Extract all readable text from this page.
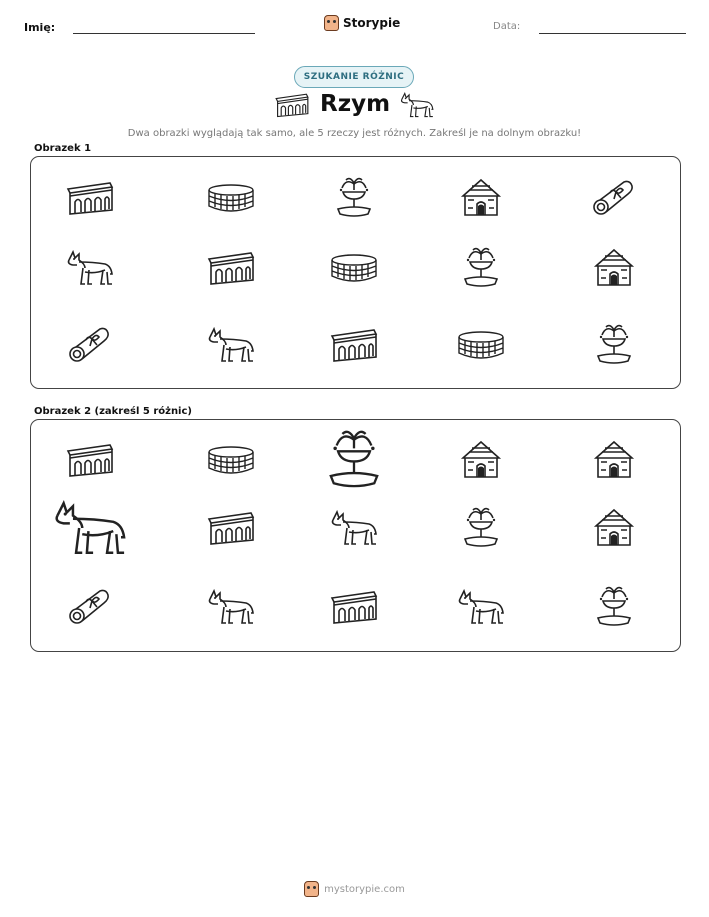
Imię:	Storypie	Data:
SZUKANIE RÓŻNIC
Rzym
Dwa obrazki wyglądają tak samo, ale 5 rzeczy jest różnych. Zakreśl je na dolnym obrazku!
Obrazek 1
Obrazek 2 (zakreśl 5 różnic)
mystorypie.com
